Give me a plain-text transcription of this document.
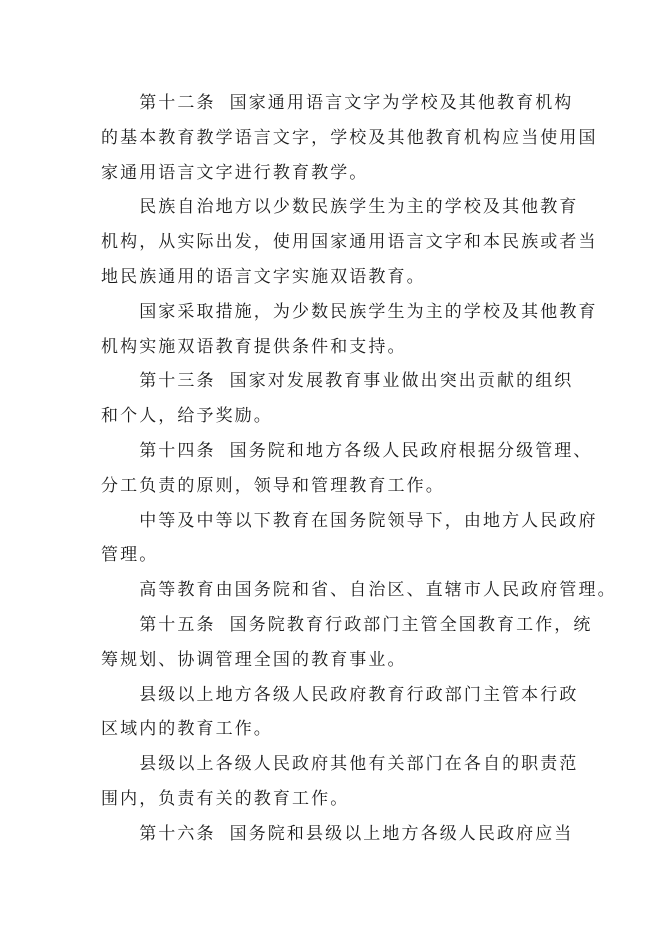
第十二条 国家通用语言文字为学校及其他教育机构
的基本教育教学语言文字，学校及其他教育机构应当使用国
家通用语言文字进行教育教学。
民族自治地方以少数民族学生为主的学校及其他教育
机构，从实际出发，使用国家通用语言文字和本民族或者当
地民族通用的语言文字实施双语教育。
国家采取措施，为少数民族学生为主的学校及其他教育
机构实施双语教育提供条件和支持。
第十三条 国家对发展教育事业做出突出贡献的组织
和个人，给予奖励。
第十四条 国务院和地方各级人民政府根据分级管理、
分工负责的原则，领导和管理教育工作。
中等及中等以下教育在国务院领导下，由地方人民政府
管理。
高等教育由国务院和省、自治区、直辖市人民政府管理。
第十五条 国务院教育行政部门主管全国教育工作，统
筹规划、协调管理全国的教育事业。
县级以上地方各级人民政府教育行政部门主管本行政
区域内的教育工作。
县级以上各级人民政府其他有关部门在各自的职责范
围内，负责有关的教育工作。
第十六条 国务院和县级以上地方各级人民政府应当
